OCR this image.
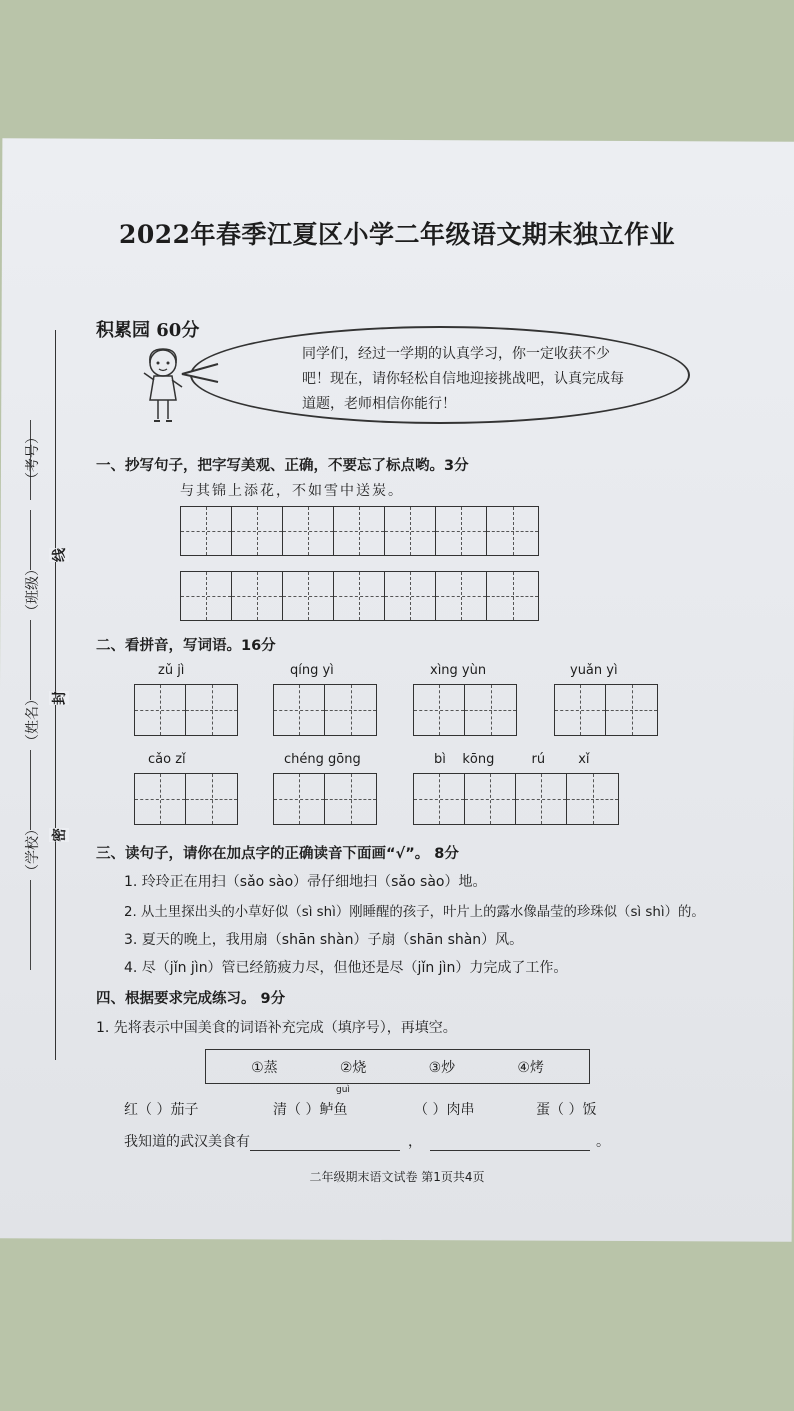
（考号）
（班级）
（姓名）
（学校）
线
封
密
2022年春季江夏区小学二年级语文期末独立作业
积累园 60分
同学们，经过一学期的认真学习，你一定收获不少吧！现在，请你轻松自信地迎接挑战吧，认真完成每道题，老师相信你能行！
一、抄写句子，把字写美观、正确，不要忘了标点哟。3分
与其锦上添花，不如雪中送炭。
二、看拼音，写词语。16分
zǔ jì	qíng yì	xìng yùn	yuǎn yì
cǎo zǐ	chéng gōng	bì    kōng         rú        xǐ
三、读句子，请你在加点字的正确读音下面画“√”。 8分
1. 玲玲正在用扫（sǎo sào）帚仔细地扫（sǎo sào）地。
2. 从土里探出头的小草好似（sì shì）刚睡醒的孩子，叶片上的露水像晶莹的珍珠似（sì shì）的。
3. 夏天的晚上，我用扇（shān shàn）子扇（shān shàn）风。
4. 尽（jǐn jìn）管已经筋疲力尽，但他还是尽（jǐn jìn）力完成了工作。
四、根据要求完成练习。 9分
1. 先将表示中国美食的词语补充完成（填序号），再填空。
①蒸	②烧	③炒	④烤
guì
红（ ）茄子	清（ ）鲈鱼	（ ）肉串	蛋（ ）饭
我知道的武汉美食有	，	。
二年级期末语文试卷 第1页共4页
